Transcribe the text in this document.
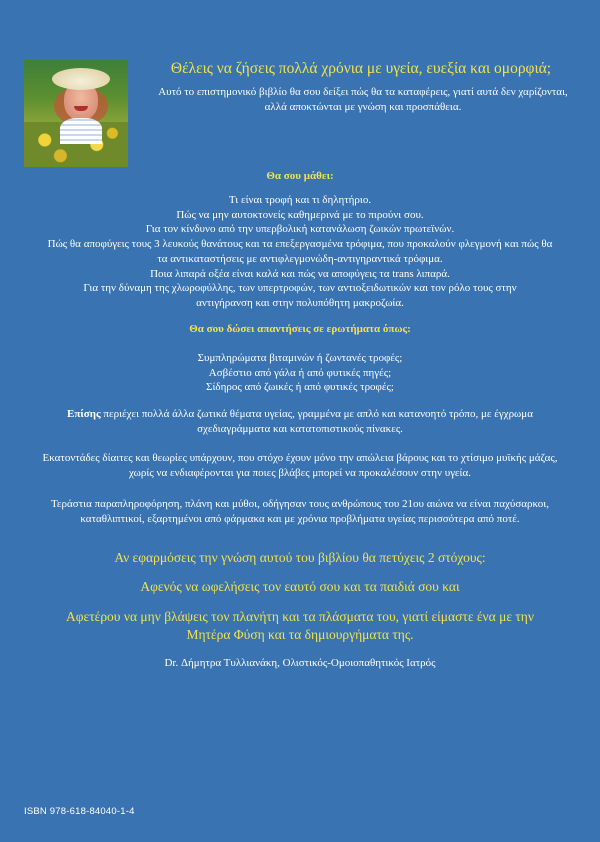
Θέλεις να ζήσεις πολλά χρόνια με υγεία, ευεξία και ομορφιά;
Αυτό το επιστημονικό βιβλίο θα σου δείξει πώς θα τα καταφέρεις, γιατί αυτά δεν χαρίζονται, αλλά αποκτώνται με γνώση και προσπάθεια.
Θα σου μάθει:

Τι είναι τροφή και τι δηλητήριο.

Πώς να μην αυτοκτονείς καθημερινά με το πιρούνι σου.

Για τον κίνδυνο από την υπερβολική κατανάλωση ζωικών πρωτεϊνών.

Πώς θα αποφύγεις τους 3 λευκούς θανάτους και τα επεξεργασμένα τρόφιμα, που προκαλούν φλεγμονή και πώς θα τα αντικαταστήσεις με αντιφλεγμονώδη-αντιγηραντικά τρόφιμα.

Ποια λιπαρά οξέα είναι καλά και πώς να αποφύγεις τα trans λιπαρά.

Για την δύναμη της χλωροφύλλης, των υπερτροφών, των αντιοξειδωτικών και τον ρόλο τους στην αντιγήρανση και στην πολυπόθητη μακροζωία.

Θα σου δώσει απαντήσεις σε ερωτήματα όπως:

Συμπληρώματα βιταμινών ή ζωντανές τροφές;

Ασβέστιο από γάλα ή από φυτικές πηγές;

Σίδηρος από ζωικές ή από φυτικές τροφές;

Επίσης περιέχει πολλά άλλα ζωτικά θέματα υγείας, γραμμένα με απλό και κατανοητό τρόπο, με έγχρωμα σχεδιαγράμματα και κατατοπιστικούς πίνακες.

Εκατοντάδες δίαιτες και θεωρίες υπάρχουν, που στόχο έχουν μόνο την απώλεια βάρους και το χτίσιμο μυϊκής μάζας, χωρίς να ενδιαφέρονται για ποιες βλάβες μπορεί να προκαλέσουν στην υγεία.

Τεράστια παραπληροφόρηση, πλάνη και μύθοι, οδήγησαν τους ανθρώπους του 21ου αιώνα να είναι παχύσαρκοι, καταθλιπτικοί, εξαρτημένοι από φάρμακα και με χρόνια προβλήματα υγείας περισσότερα από ποτέ.

Αν εφαρμόσεις την γνώση αυτού του βιβλίου θα πετύχεις 2 στόχους:
Αφενός να ωφελήσεις τον εαυτό σου και τα παιδιά σου και
Αφετέρου να μην βλάψεις τον πλανήτη και τα πλάσματα του, γιατί είμαστε ένα με την Μητέρα Φύση και τα δημιουργήματα της.
Dr. Δήμητρα Τυλλιανάκη, Ολιστικός-Ομοιοπαθητικός Ιατρός
ISBN 978-618-84040-1-4
